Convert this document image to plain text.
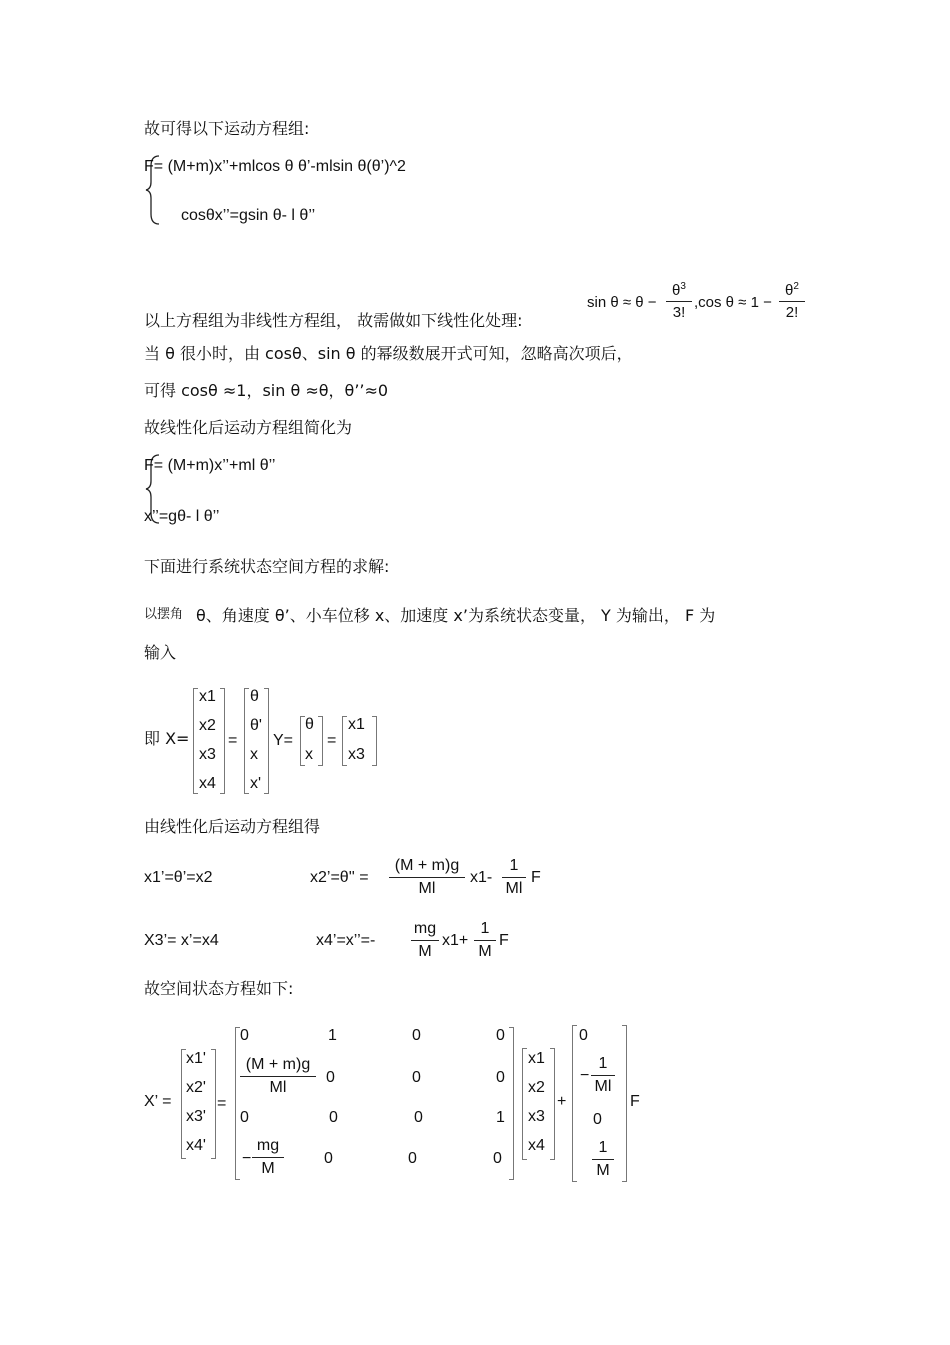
故可得以下运动方程组:
F= (M+m)x’’+mlcos θ θ’-mlsin θ(θ’)^2
cosθx’’=gsin θ- l θ’’
以上方程组为非线性方程组， 故需做如下线性化处理:
sin θ ≈ θ −
$\theta^3$
3!
,cos θ ≈ 1 −
$\theta^2$
2!
当 θ 很小时，由 cosθ、sin θ 的幂级数展开式可知，忽略高次项后，
可得 cosθ ≈1，sin θ ≈θ，θ’’≈0
故线性化后运动方程组简化为
F= (M+m)x’’+ml θ’’
x’’=gθ- l θ’’
下面进行系统状态空间方程的求解:
以摆角 θ、角速度 θ’、小车位移 x、加速度 x’为系统状态变量， Y 为输出， F 为
输入
即 X=
x1
x2
x3
x4
=
θ
θ'
x
x'
Y=
θ
x
=
x1
x3
由线性化后运动方程组得
x1’=θ’=x2	x2’=θ'' =
(M + m)g
Ml
x1-
1
Ml
F
X3’= x’=x4	x4’=x’’=-
mg
M
x1+
1
M
F
故空间状态方程如下:
X’ =
x1'
x2'
x3'
x4'
=
0	1	0	0
(M + m)g
Ml
0	0	0
0	0	0	1
−
mg
M
0	0	0
x1
x2
x3
x4
+
0
−
1
Ml
0
1
M
F
